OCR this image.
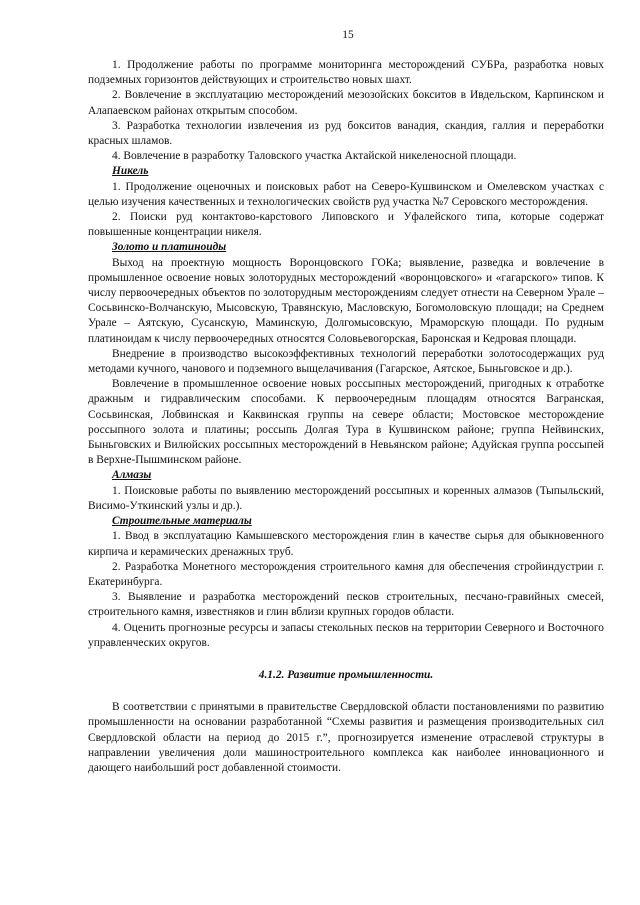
15

1. Продолжение работы по программе мониторинга месторождений СУБРа, разработка новых подземных горизонтов действующих и строительство новых шахт.

2. Вовлечение в эксплуатацию месторождений мезозойских бокситов в Ивдельском, Карпинском и Алапаевском районах открытым способом.

3. Разработка технологии извлечения из руд бокситов ванадия, скандия, галлия и переработки красных шламов.

4. Вовлечение в разработку Таловского участка Актайской никеленосной площади.

Никель

1. Продолжение оценочных и поисковых работ на Северо-Кушвинском и Омелевском участках с целью изучения качественных и технологических свойств руд участка №7 Серовского месторождения.

2. Поиски руд контактово-карстового Липовского и Уфалейского типа, которые содержат повышенные концентрации никеля.

Золото и платиноиды

Выход на проектную мощность Воронцовского ГОКа; выявление, разведка и вовлечение в промышленное освоение новых золоторудных месторождений «воронцовского» и «гагарского» типов. К числу первоочередных объектов по золоторудным месторождениям следует отнести на Северном Урале – Сосьвинско-Волчанскую, Мысовскую, Травянскую, Масловскую, Богомоловскую площади; на Среднем Урале – Аятскую, Сусанскую, Маминскую, Долгомысовскую, Мраморскую площади. По рудным платиноидам к числу первоочередных относятся Соловьевогорская, Баронская и Кедровая площади.

Внедрение в производство высокоэффективных технологий переработки золотосодержащих руд методами кучного, чанового и подземного выщелачивания (Гагарское, Аятское, Быньговское и др.).

Вовлечение в промышленное освоение новых россыпных месторождений, пригодных к отработке дражным и гидравлическим способами. К первоочередным площадям относятся Вагранская, Сосьвинская, Лобвинская и Каквинская группы на севере области; Мостовское месторождение россыпного золота и платины; россыпь Долгая Тура в Кушвинском районе; группа Нейвинских, Быньговских и Вилюйских россыпных месторождений в Невьянском районе; Адуйская группа россыпей в Верхне-Пышминском районе.

Алмазы

1. Поисковые работы по выявлению месторождений россыпных и коренных алмазов (Тыпыльский, Висимо-Уткинский узлы и др.).

Строительные материалы

1. Ввод в эксплуатацию Камышевского месторождения глин в качестве сырья для обыкновенного кирпича и керамических дренажных труб.

2. Разработка Монетного месторождения строительного камня для обеспечения стройиндустрии г. Екатеринбурга.

3. Выявление и разработка месторождений песков строительных, песчано-гравийных смесей, строительного камня, известняков и глин вблизи крупных городов области.

4. Оценить прогнозные ресурсы и запасы стекольных песков на территории Северного и Восточного управленческих округов.

4.1.2. Развитие промышленности.

В соответствии с принятыми в правительстве Свердловской области постановлениями по развитию промышленности на основании разработанной “Схемы развития и размещения производительных сил Свердловской области на период до 2015 г.”, прогнозируется изменение отраслевой структуры в направлении увеличения доли машиностроительного комплекса как наиболее инновационного и дающего наибольший рост добавленной стоимости.
